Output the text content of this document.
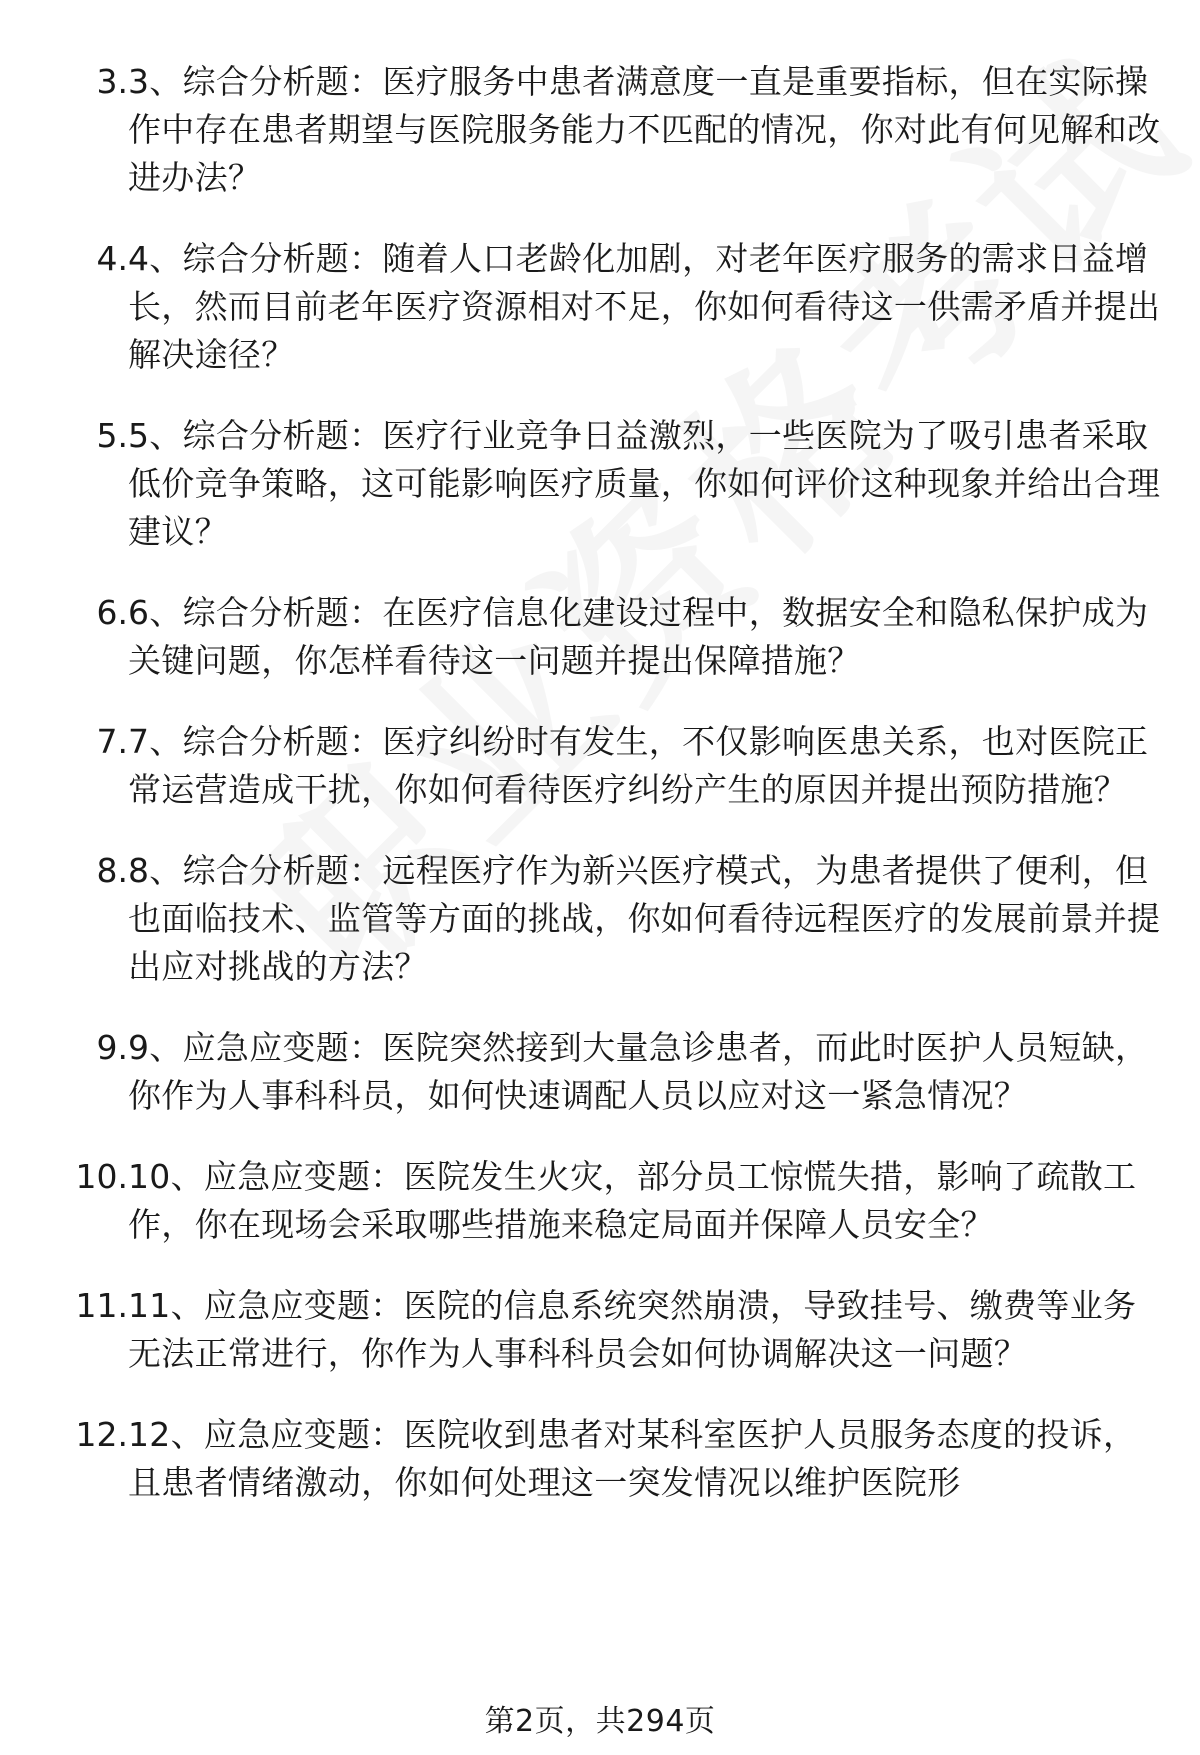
3. 3、综合分析题：医疗服务中患者满意度一直是重要指标，但在实际操作中存在患者期望与医院服务能力不匹配的情况，你对此有何见解和改进办法？
4. 4、综合分析题：随着人口老龄化加剧，对老年医疗服务的需求日益增长，然而目前老年医疗资源相对不足，你如何看待这一供需矛盾并提出解决途径？
5. 5、综合分析题：医疗行业竞争日益激烈，一些医院为了吸引患者采取低价竞争策略，这可能影响医疗质量，你如何评价这种现象并给出合理建议？
6. 6、综合分析题：在医疗信息化建设过程中，数据安全和隐私保护成为关键问题，你怎样看待这一问题并提出保障措施？
7. 7、综合分析题：医疗纠纷时有发生，不仅影响医患关系，也对医院正常运营造成干扰，你如何看待医疗纠纷产生的原因并提出预防措施？
8. 8、综合分析题：远程医疗作为新兴医疗模式，为患者提供了便利，但也面临技术、监管等方面的挑战，你如何看待远程医疗的发展前景并提出应对挑战的方法？
9. 9、应急应变题：医院突然接到大量急诊患者，而此时医护人员短缺，你作为人事科科员，如何快速调配人员以应对这一紧急情况？
10. 10、应急应变题：医院发生火灾，部分员工惊慌失措，影响了疏散工作，你在现场会采取哪些措施来稳定局面并保障人员安全？
11. 11、应急应变题：医院的信息系统突然崩溃，导致挂号、缴费等业务无法正常进行，你作为人事科科员会如何协调解决这一问题？
12. 12、应急应变题：医院收到患者对某科室医护人员服务态度的投诉，且患者情绪激动，你如何处理这一突发情况以维护医院形
第2页，共294页
